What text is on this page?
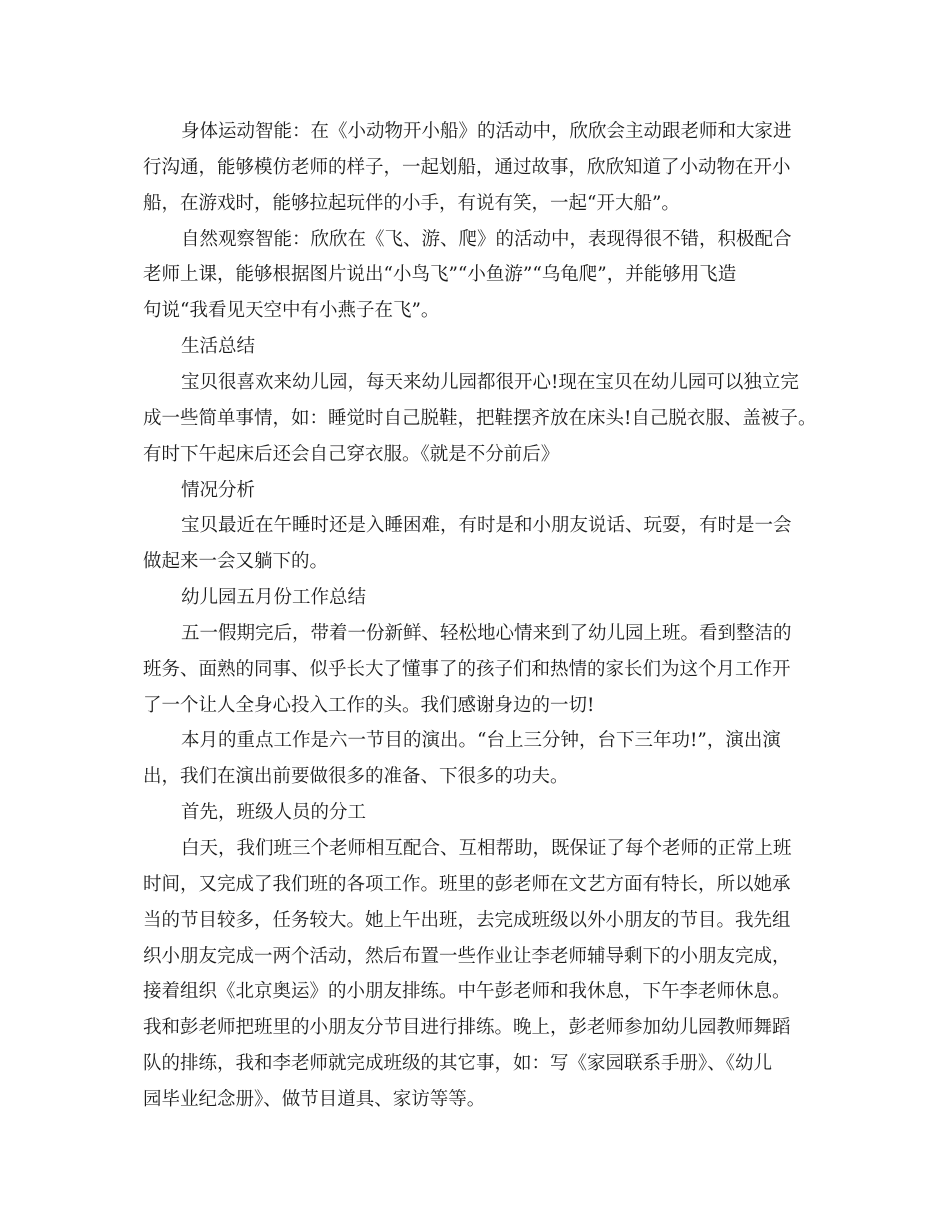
身体运动智能：在《小动物开小船》的活动中，欣欣会主动跟老师和大家进
行沟通，能够模仿老师的样子，一起划船，通过故事，欣欣知道了小动物在开小
船，在游戏时，能够拉起玩伴的小手，有说有笑，一起“开大船”。
自然观察智能：欣欣在《飞、游、爬》的活动中，表现得很不错，积极配合
老师上课，能够根据图片说出“小鸟飞”“小鱼游”“乌龟爬”，并能够用飞造
句说“我看见天空中有小燕子在飞”。
生活总结
宝贝很喜欢来幼儿园，每天来幼儿园都很开心!现在宝贝在幼儿园可以独立完
成一些简单事情，如：睡觉时自己脱鞋，把鞋摆齐放在床头!自己脱衣服、盖被子。
有时下午起床后还会自己穿衣服。《就是不分前后》
情况分析
宝贝最近在午睡时还是入睡困难，有时是和小朋友说话、玩耍，有时是一会
做起来一会又躺下的。
幼儿园五月份工作总结
五一假期完后，带着一份新鲜、轻松地心情来到了幼儿园上班。看到整洁的
班务、面熟的同事、似乎长大了懂事了的孩子们和热情的家长们为这个月工作开
了一个让人全身心投入工作的头。我们感谢身边的一切!
本月的重点工作是六一节目的演出。“台上三分钟，台下三年功!”，演出演
出，我们在演出前要做很多的准备、下很多的功夫。
首先，班级人员的分工
白天，我们班三个老师相互配合、互相帮助，既保证了每个老师的正常上班
时间，又完成了我们班的各项工作。班里的彭老师在文艺方面有特长，所以她承
当的节目较多，任务较大。她上午出班，去完成班级以外小朋友的节目。我先组
织小朋友完成一两个活动，然后布置一些作业让李老师辅导剩下的小朋友完成，
接着组织《北京奥运》的小朋友排练。中午彭老师和我休息，下午李老师休息。
我和彭老师把班里的小朋友分节目进行排练。晚上，彭老师参加幼儿园教师舞蹈
队的排练，我和李老师就完成班级的其它事，如：写《家园联系手册》、《幼儿
园毕业纪念册》、做节目道具、家访等等。
